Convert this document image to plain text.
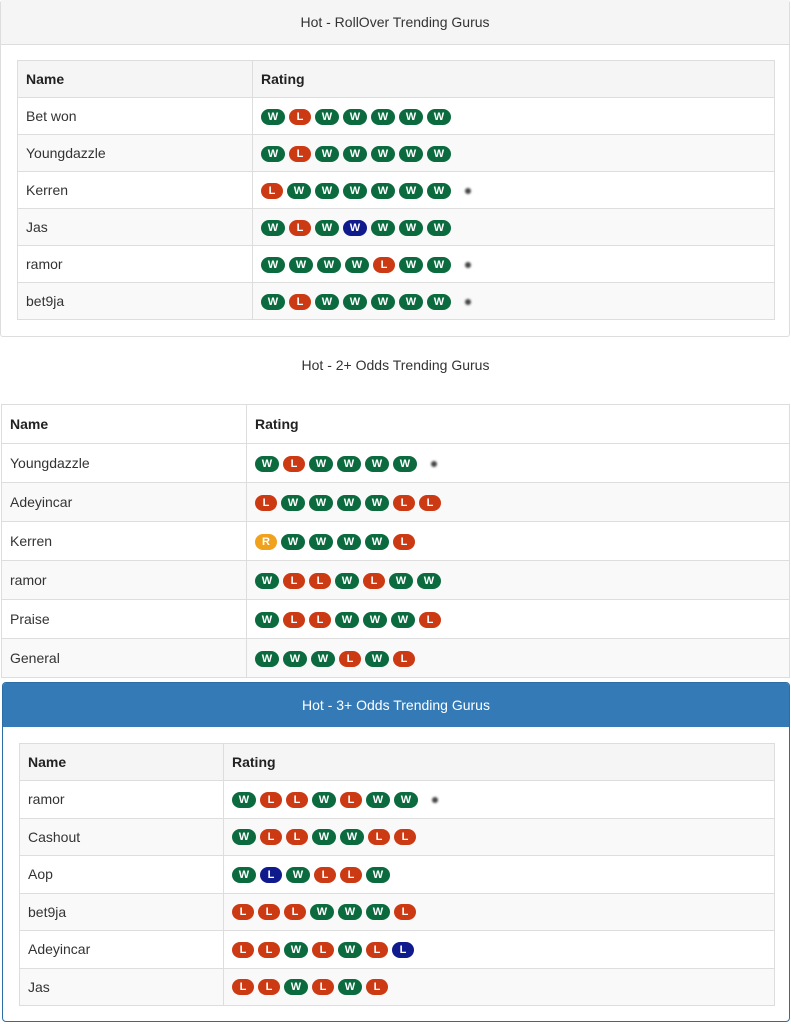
Hot - RollOver Trending Gurus
Name	Rating
Bet won	W L W W W W W
Youngdazzle	W L W W W W W
Kerren	L W W W W W W
Jas	W L W W W W W
ramor	W W W W L W W
bet9ja	W L W W W W W
Hot - 2+ Odds Trending Gurus
Name	Rating
Youngdazzle	W L W W W W
Adeyincar	L W W W W L L
Kerren	R W W W W L
ramor	W L L W L W W
Praise	W L L W W W L
General	W W W L W L
Hot - 3+ Odds Trending Gurus
Name	Rating
ramor	W L L W L W W
Cashout	W L L W W L L
Aop	W L W L L W
bet9ja	L L L W W W L
Adeyincar	L L W L W L L
Jas	L L W L W L
